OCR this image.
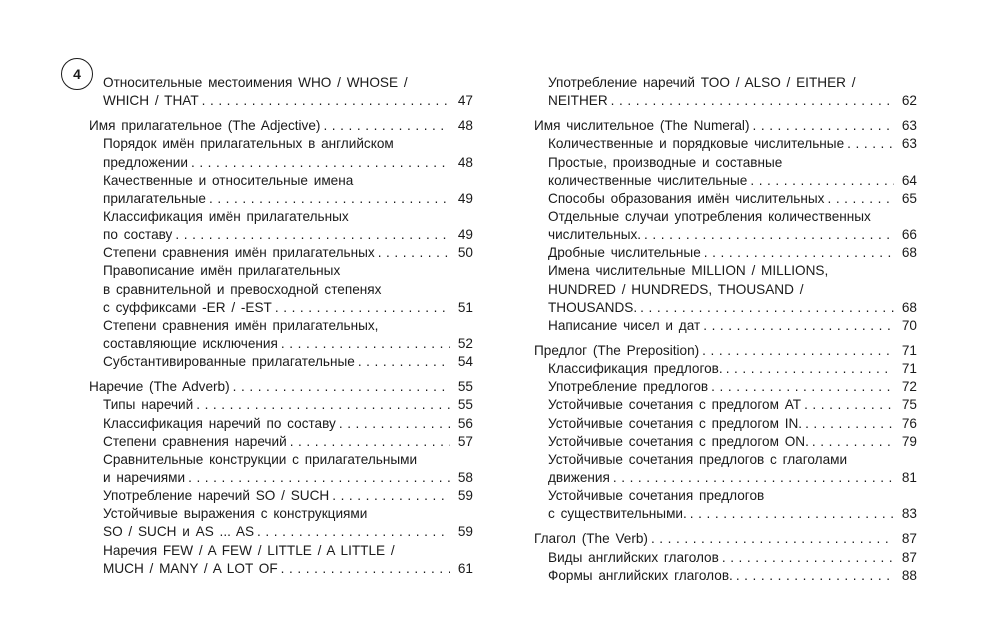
4
Относительные местоимения WHO / WHOSE /
WHICH / THAT . . .	47
Имя прилагательное (The Adjective) . . .	48
Порядок имён прилагательных в английском
предложении . . .	48
Качественные и относительные имена
прилагательные . . .	49
Классификация имён прилагательных
по составу . . .	49
Степени сравнения имён прилагательных . . .	50
Правописание имён прилагательных
в сравнительной и превосходной степенях
с суффиксами -ER / -EST . . .	51
Степени сравнения имён прилагательных,
составляющие исключения . . .	52
Субстантивированные прилагательные . . .	54
Наречие (The Adverb) . . .	55
Типы наречий . . .	55
Классификация наречий по составу . . .	56
Степени сравнения наречий . . .	57
Сравнительные конструкции с прилагательными
и наречиями . . .	58
Употребление наречий SO / SUCH . . .	59
Устойчивые выражения с конструкциями
SO / SUCH и AS ... AS . . .	59
Наречия FEW / A FEW / LITTLE / A LITTLE /
MUCH / MANY / A LOT OF . . .	61
Употребление наречий TOO / ALSO / EITHER /
NEITHER . . .	62
Имя числительное (The Numeral) . . .	63
Количественные и порядковые числительные . . .	63
Простые, производные и составные
количественные числительные . . .	64
Способы образования имён числительных . . .	65
Отдельные случаи употребления количественных
числительных. . . .	66
Дробные числительные . . .	68
Имена числительные MILLION / MILLIONS,
HUNDRED / HUNDREDS, THOUSAND /
THOUSANDS. . . .	68
Написание чисел и дат . . .	70
Предлог (The Preposition) . . .	71
Классификация предлогов. . . .	71
Употребление предлогов . . .	72
Устойчивые сочетания с предлогом AT . . .	75
Устойчивые сочетания с предлогом IN. . . .	76
Устойчивые сочетания с предлогом ON. . . .	79
Устойчивые сочетания предлогов с глаголами
движения . . .	81
Устойчивые сочетания предлогов
с существительными. . . .	83
Глагол (The Verb) . . .	87
Виды английских глаголов . . .	87
Формы английских глаголов. . . .	88
